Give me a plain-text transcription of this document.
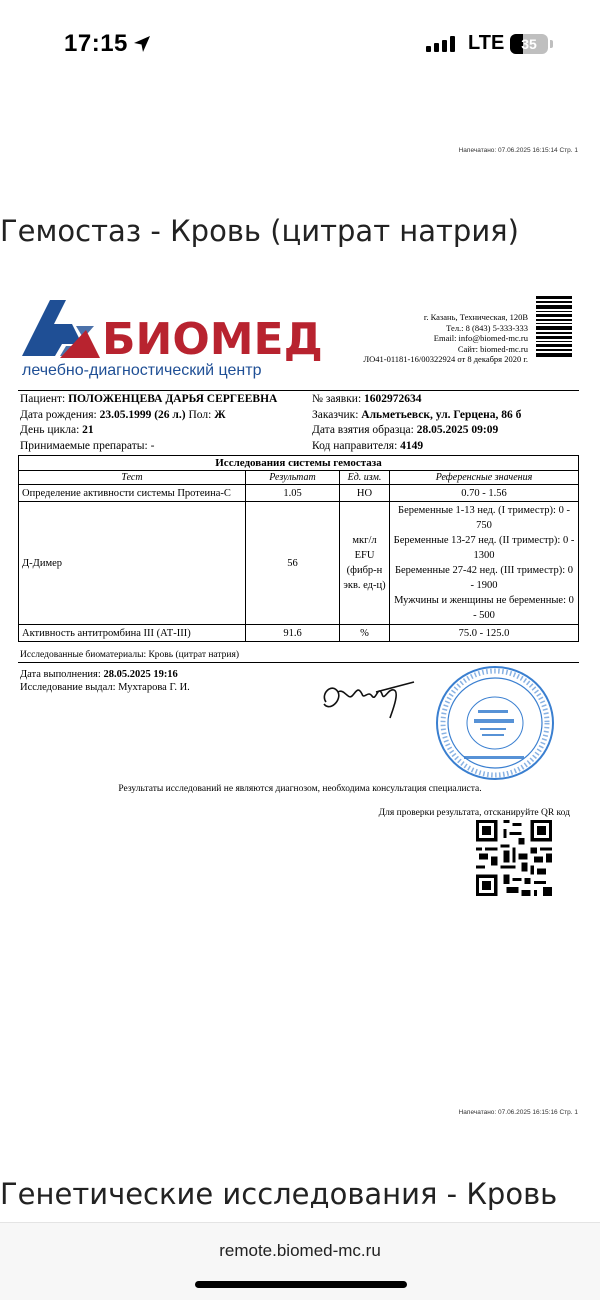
17:15	LTE	35
Напечатано: 07.06.2025 16:15:14 Стр. 1
Гемостаз - Кровь (цитрат натрия)
БИОМЕД
лечебно-диагностический центр
г. Казань, Техническая, 120В
Тел.: 8 (843) 5-333-333
Email: info@biomed-mc.ru
Сайт: biomed-mc.ru
ЛО41-01181-16/00322924 от 8 декабря 2020 г.
Пациент: ПОЛОЖЕНЦЕВА ДАРЬЯ СЕРГЕЕВНА
Дата рождения: 23.05.1999 (26 л.) Пол: Ж
День цикла: 21
Принимаемые препараты: -
№ заявки: 1602972634
Заказчик: Альметьевск, ул. Герцена, 86 б
Дата взятия образца: 28.05.2025 09:09
Код направителя: 4149
Исследования системы гемостаза			
Тест	Результат	Ед. изм.	Референсные значения
Определение активности системы Протеина-С	1.05	НО	0.70 - 1.56
Д-Димер	56	мкг/л EFU (фибр-н экв. ед-ц)	Беременные 1-13 нед. (I триместр): 0 - 750
Беременные 13-27 нед. (II триместр): 0 - 1300
Беременные 27-42 нед. (III триместр): 0 - 1900
Мужчины и женщины не беременные: 0 - 500

Активность антитромбина III (АТ-III)	91.6	%	75.0 - 125.0
Исследованные биоматериалы: Кровь (цитрат натрия)
Дата выполнения: 28.05.2025 19:16
Исследование выдал: Мухтарова Г. И.
Результаты исследований не являются диагнозом, необходима консультация специалиста.
Для проверки результата, отсканируйте QR код
Напечатано: 07.06.2025 16:15:16 Стр. 1
Генетические исследования - Кровь
remote.biomed-mc.ru
